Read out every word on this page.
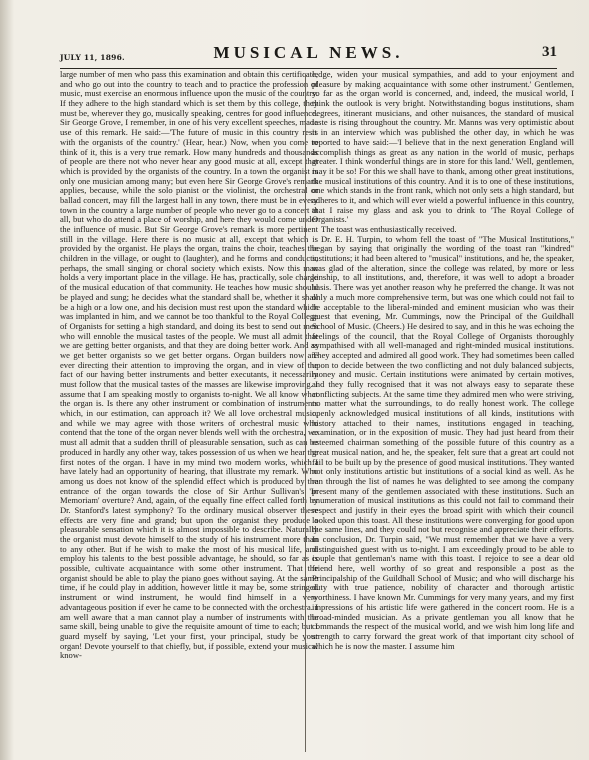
JULY 11, 1896.	MUSICAL NEWS.	31

large number of men who pass this examination and obtain this certificate, and who go out into the country to teach and to practice the profession of music, must exercise an enormous influence upon the music of the country. If they adhere to the high standard which is set them by this college, they must be, wherever they go, musically speaking, centres for good influence. Sir George Grove, I remember, in one of his very excellent speeches, made use of this remark. He said:—'The future of music in this country rests with the organists of the country.' (Hear, hear.) Now, when you come to think of it, this is a very true remark. How many hundreds and thousands of people are there not who never hear any good music at all, except that which is provided by the organists of the country. In a town the organist is only one musician among many; but even here Sir George Grove's remark applies, because, while the solo pianist or the violinist, the orchestral or ballad concert, may fill the largest hall in any town, there must be in every town in the country a large number of people who never go to a concert at all, but who do attend a place of worship, and here they would come under the influence of music. But Sir George Grove's remark is more pertinent still in the village. Here there is no music at all, except that which is provided by the organist. He plays the organ, trains the choir, teaches the children in the village, or ought to (laughter), and he forms and conducts, perhaps, the small singing or choral society which exists. Now this man holds a very important place in the village. He has, practically, sole charge of the musical education of that community. He teaches how music should be played and sung; he decides what the standard shall be, whether it shall be a high or a low one, and his decision must rest upon the standard which was implanted in him, and we cannot be too thankful to the Royal College of Organists for setting a high standard, and doing its best to send out men who will ennoble the musical tastes of the people. We must all admit that we are getting better organists, and that they are doing better work. And as we get better organists so we get better organs. Organ builders now are ever directing their attention to improving the organ, and in view of the fact of our having better instruments and better executants, it necessarily must follow that the musical tastes of the masses are likewise improving. I assume that I am speaking mostly to organists to-night. We all know what the organ is. Is there any other instrument or combination of instruments which, in our estimation, can approach it? We all love orchestral music, and while we may agree with those writers of orchestral music who contend that the tone of the organ never blends well with the orchestra, we must all admit that a sudden thrill of pleasurable sensation, such as can be produced in hardly any other way, takes possession of us when we hear the first notes of the organ. I have in my mind two modern works, which I have lately had an opportunity of hearing, that illustrate my remark. Who among us does not know of the splendid effect which is produced by the entrance of the organ towards the close of Sir Arthur Sullivan's 'In Memoriam' overture? And, again, of the equally fine effect called forth by Dr. Stanford's latest symphony? To the ordinary musical observer these effects are very fine and grand; but upon the organist they produce a pleasurable sensation which it is almost impossible to describe. Naturally the organist must devote himself to the study of his instrument more than to any other. But if he wish to make the most of his musical life, and employ his talents to the best possible advantage, he should, so far as is possible, cultivate acquaintance with some other instrument. That the organist should be able to play the piano goes without saying. At the same time, if he could play in addition, however little it may be, some stringed instrument or wind instrument, he would find himself in a very advantageous position if ever he came to be connected with the orchestra. I am well aware that a man cannot play a number of instruments with the same skill, being unable to give the requisite amount of time to each; but I guard myself by saying, 'Let your first, your principal, study be your organ! Devote yourself to that chiefly, but, if possible, extend your musical know-

ledge, widen your musical sympathies, and add to your enjoyment and pleasure by making acquaintance with some other instrument.' Gentlemen, so far as the organ world is concerned, and, indeed, the musical world, I think the outlook is very bright. Notwithstanding bogus institutions, sham degrees, itinerant musicians, and other nuisances, the standard of musical taste is rising throughout the country. Mr. Manns was very optimistic about it in an interview which was published the other day, in which he was reported to have said:—'I believe that in the next generation England will accomplish things as great as any nation in the world of music, perhaps greater. I think wonderful things are in store for this land.' Well, gentlemen, may it be so! For this we shall have to thank, among other great institutions, the musical institutions of this country. And it is to one of these institutions, one which stands in the front rank, which not only sets a high standard, but adheres to it, and which will ever wield a powerful influence in this country, that I raise my glass and ask you to drink to 'The Royal College of Organists.'

The toast was enthusiastically received.

Dr. E. H. Turpin, to whom fell the toast of "The Musical Institutions," began by saying that originally the wording of the toast ran "kindred" institutions; it had been altered to "musical" institutions, and he, the speaker, was glad of the alteration, since the college was related, by more or less kinship, to all institutions, and, therefore, it was well to adopt a broader basis. There was yet another reason why he preferred the change. It was not only a much more comprehensive term, but was one which could not fail to be acceptable to the liberal-minded and eminent musician who was their guest that evening, Mr. Cummings, now the Principal of the Guildhall School of Music. (Cheers.) He desired to say, and in this he was echoing the feelings of the council, that the Royal College of Organists thoroughly sympathised with all well-managed and right-minded musical institutions. They accepted and admired all good work. They had sometimes been called upon to decide between the two conflicting and not duly balanced subjects, money and music. Certain institutions were animated by certain motives, and they fully recognised that it was not always easy to separate these conflicting subjects. At the same time they admired men who were striving, no matter what the surroundings, to do really honest work. The college openly acknowledged musical institutions of all kinds, institutions with history attached to their names, institutions engaged in teaching, examination, or in the exposition of music. They had just heard from their esteemed chairman something of the possible future of this country as a great musical nation, and he, the speaker, felt sure that a great art could not fail to be built up by the presence of good musical institutions. They wanted not only institutions artistic but institutions of a social kind as well. As he ran through the list of names he was delighted to see among the company present many of the gentlemen associated with these institutions. Such an enumeration of musical institutions as this could not fail to command their respect and justify in their eyes the broad spirit with which their council looked upon this toast. All these institutions were converging for good upon the same lines, and they could not but recognise and appreciate their efforts. In conclusion, Dr. Turpin said, "We must remember that we have a very distinguished guest with us to-night. I am exceedingly proud to be able to couple that gentleman's name with this toast. I rejoice to see a dear old friend here, well worthy of so great and responsible a post as the Principalship of the Guildhall School of Music; and who will discharge his duty with true patience, nobility of character and thorough artistic worthiness. I have known Mr. Cummings for very many years, and my first impressions of his artistic life were gathered in the concert room. He is a broad-minded musician. As a private gentleman you all know that he commands the respect of the musical world, and we wish him long life and strength to carry forward the great work of that important city school of which he is now the master. I assume him
